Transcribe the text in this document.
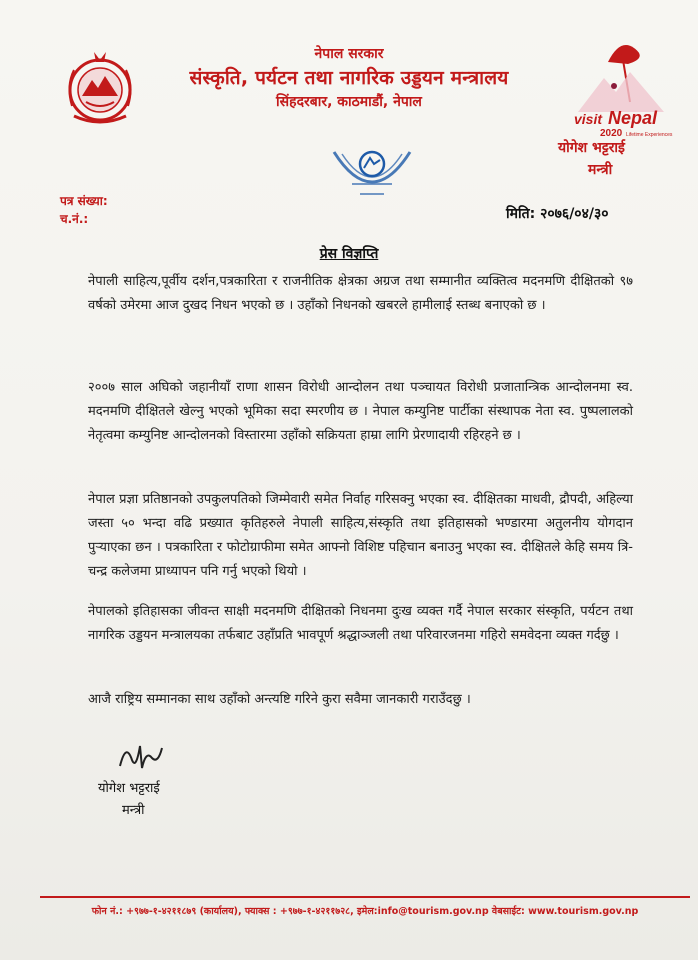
नेपाल सरकार
संस्कृति, पर्यटन तथा नागरिक उड्डयन मन्त्रालय
सिंहदरबार, काठमाडौं, नेपाल
visit Nepal
2020 Lifetime Experiences
योगेश भट्टराई
मन्त्री
पत्र संख्या:
च.नं.:	मिति: २०७६/०४/३०
प्रेस विज्ञप्ति
नेपाली साहित्य,पूर्वीय दर्शन,पत्रकारिता र राजनीतिक क्षेत्रका अग्रज तथा सम्मानीत व्यक्तित्व मदनमणि दीक्षितको ९७ वर्षको उमेरमा आज दुखद निधन भएको छ । उहाँको निधनको खबरले हामीलाई स्तब्ध बनाएको छ ।
२००७ साल अघिको जहानीयाँ राणा शासन विरोधी आन्दोलन तथा पञ्चायत विरोधी प्रजातान्त्रिक आन्दोलनमा स्व. मदनमणि दीक्षितले खेल्नु भएको भूमिका सदा स्मरणीय छ । नेपाल कम्युनिष्ट पार्टीका संस्थापक नेता स्व. पुष्पलालको नेतृत्वमा कम्युनिष्ट आन्दोलनको विस्तारमा उहाँको सक्रियता हाम्रा लागि प्रेरणादायी रहिरहने छ ।
नेपाल प्रज्ञा प्रतिष्ठानको उपकुलपतिको जिम्मेवारी समेत निर्वाह गरिसक्नु भएका स्व. दीक्षितका माधवी, द्रौपदी, अहिल्या जस्ता ५० भन्दा वढि प्रख्यात कृतिहरुले नेपाली साहित्य,संस्कृति तथा इतिहासको भण्डारमा अतुलनीय योगदान पुऱ्याएका छन । पत्रकारिता र फोटोग्राफीमा समेत आफ्नो विशिष्ट पहिचान बनाउनु भएका स्व. दीक्षितले केहि समय त्रि-चन्द्र कलेजमा प्राध्यापन पनि गर्नु भएको थियो ।
नेपालको इतिहासका जीवन्त साक्षी मदनमणि दीक्षितको निधनमा दुःख व्यक्त गर्दै नेपाल सरकार संस्कृति, पर्यटन तथा नागरिक उड्डयन मन्त्रालयका तर्फबाट उहाँप्रति भावपूर्ण श्रद्धाञ्जली तथा परिवारजनमा गहिरो समवेदना व्यक्त गर्दछु ।
आजै राष्ट्रिय सम्मानका साथ उहाँको अन्त्यष्टि गरिने कुरा सवैमा जानकारी गराउँदछु ।
योगेश भट्टराई
मन्त्री
फोन नं.: +९७७-१-४२११८७९ (कार्यालय), फ्याक्स : +९७७-१-४२११७२८, इमेल:info@tourism.gov.np वेबसाईट: www.tourism.gov.np
